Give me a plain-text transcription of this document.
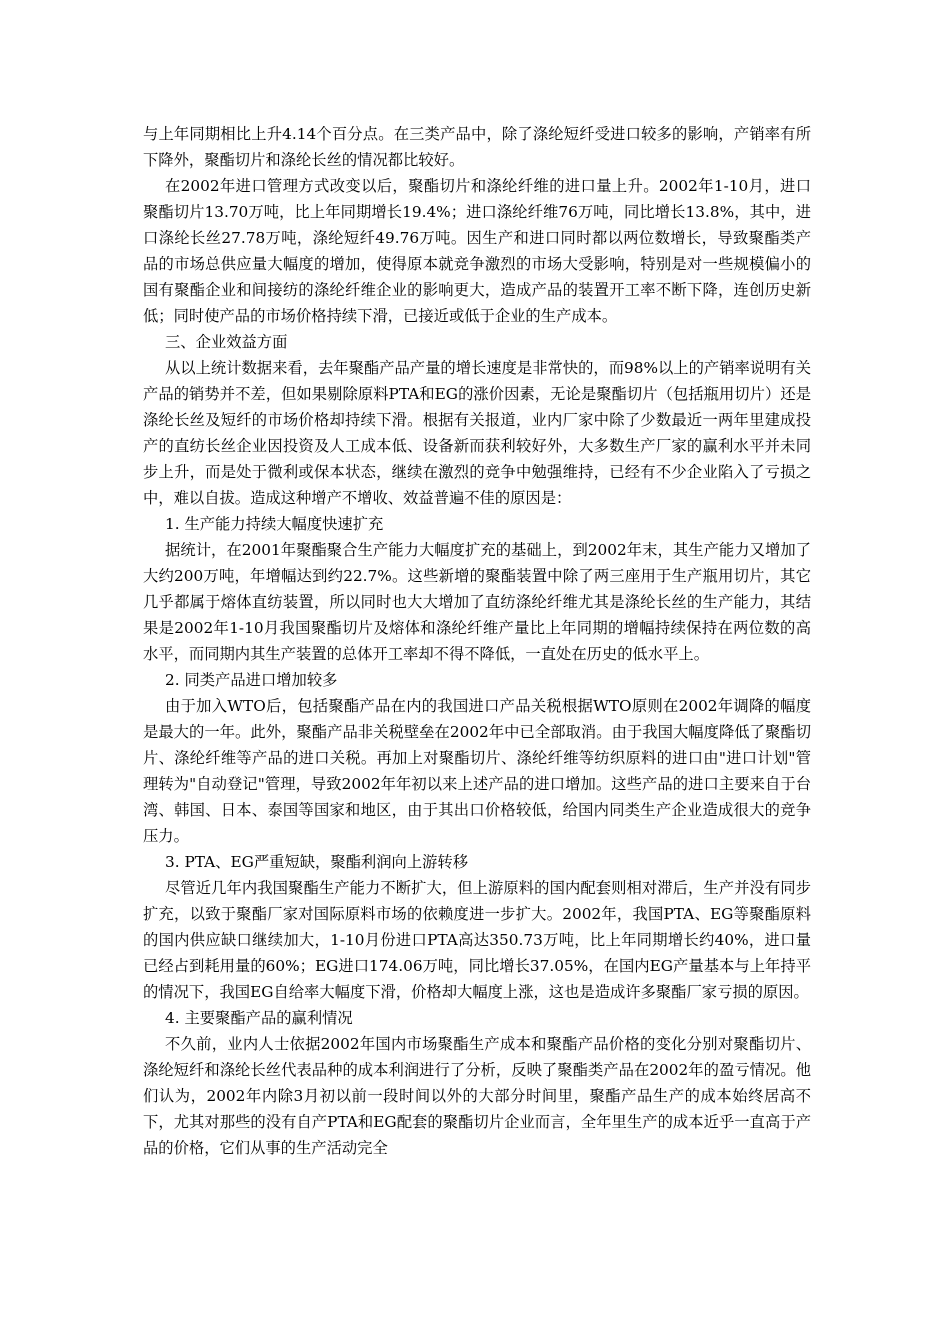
与上年同期相比上升4.14个百分点。在三类产品中，除了涤纶短纤受进口较多的影响，产销率有所下降外，聚酯切片和涤纶长丝的情况都比较好。

在2002年进口管理方式改变以后，聚酯切片和涤纶纤维的进口量上升。2002年1-10月，进口聚酯切片13.70万吨，比上年同期增长19.4%；进口涤纶纤维76万吨，同比增长13.8%，其中，进口涤纶长丝27.78万吨，涤纶短纤49.76万吨。因生产和进口同时都以两位数增长，导致聚酯类产品的市场总供应量大幅度的增加，使得原本就竞争激烈的市场大受影响，特别是对一些规模偏小的国有聚酯企业和间接纺的涤纶纤维企业的影响更大，造成产品的装置开工率不断下降，连创历史新低；同时使产品的市场价格持续下滑，已接近或低于企业的生产成本。

三、企业效益方面

从以上统计数据来看，去年聚酯产品产量的增长速度是非常快的，而98%以上的产销率说明有关产品的销势并不差，但如果剔除原料PTA和EG的涨价因素，无论是聚酯切片（包括瓶用切片）还是涤纶长丝及短纤的市场价格却持续下滑。根据有关报道，业内厂家中除了少数最近一两年里建成投产的直纺长丝企业因投资及人工成本低、设备新而获利较好外，大多数生产厂家的赢利水平并未同步上升，而是处于微利或保本状态，继续在激烈的竞争中勉强维持，已经有不少企业陷入了亏损之中，难以自拔。造成这种增产不增收、效益普遍不佳的原因是：

1. 生产能力持续大幅度快速扩充

据统计，在2001年聚酯聚合生产能力大幅度扩充的基础上，到2002年末，其生产能力又增加了大约200万吨，年增幅达到约22.7%。这些新增的聚酯装置中除了两三座用于生产瓶用切片，其它几乎都属于熔体直纺装置，所以同时也大大增加了直纺涤纶纤维尤其是涤纶长丝的生产能力，其结果是2002年1-10月我国聚酯切片及熔体和涤纶纤维产量比上年同期的增幅持续保持在两位数的高水平，而同期内其生产装置的总体开工率却不得不降低，一直处在历史的低水平上。

2. 同类产品进口增加较多

由于加入WTO后，包括聚酯产品在内的我国进口产品关税根据WTO原则在2002年调降的幅度是最大的一年。此外，聚酯产品非关税壁垒在2002年中已全部取消。由于我国大幅度降低了聚酯切片、涤纶纤维等产品的进口关税。再加上对聚酯切片、涤纶纤维等纺织原料的进口由"进口计划"管理转为"自动登记"管理，导致2002年年初以来上述产品的进口增加。这些产品的进口主要来自于台湾、韩国、日本、泰国等国家和地区，由于其出口价格较低，给国内同类生产企业造成很大的竞争压力。

3. PTA、EG严重短缺，聚酯利润向上游转移

尽管近几年内我国聚酯生产能力不断扩大，但上游原料的国内配套则相对滞后，生产并没有同步扩充，以致于聚酯厂家对国际原料市场的依赖度进一步扩大。2002年，我国PTA、EG等聚酯原料的国内供应缺口继续加大，1-10月份进口PTA高达350.73万吨，比上年同期增长约40%，进口量已经占到耗用量的60%；EG进口174.06万吨，同比增长37.05%，在国内EG产量基本与上年持平的情况下，我国EG自给率大幅度下滑，价格却大幅度上涨，这也是造成许多聚酯厂家亏损的原因。

4. 主要聚酯产品的赢利情况

不久前，业内人士依据2002年国内市场聚酯生产成本和聚酯产品价格的变化分别对聚酯切片、涤纶短纤和涤纶长丝代表品种的成本利润进行了分析，反映了聚酯类产品在2002年的盈亏情况。他们认为，2002年内除3月初以前一段时间以外的大部分时间里，聚酯产品生产的成本始终居高不下，尤其对那些的没有自产PTA和EG配套的聚酯切片企业而言，全年里生产的成本近乎一直高于产品的价格，它们从事的生产活动完全
